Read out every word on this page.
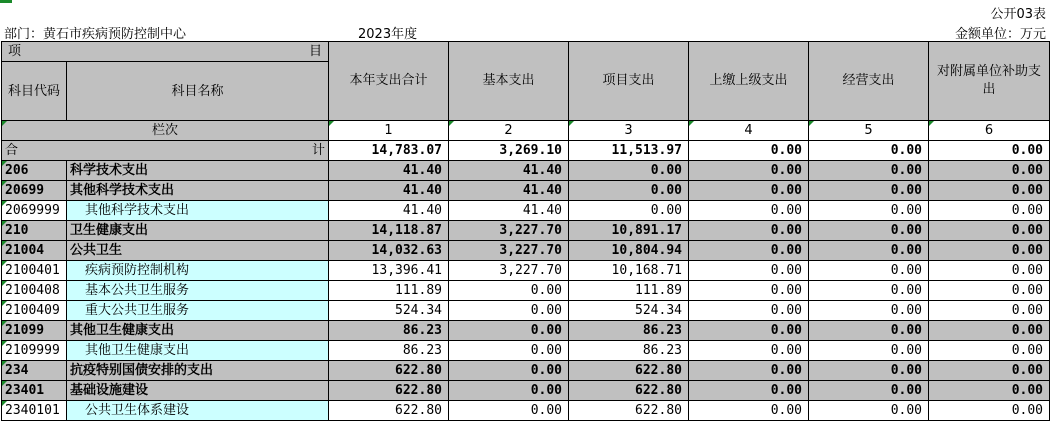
公开03表
部门：黄石市疾病预防控制中心	2023年度	金额单位：万元
项 目		本年支出合计	基本支出	项目支出	上缴上级支出	经营支出	对附属单位补助支出
科目代码	科目名称						
栏次		1	2	3	4	5	6

合 计		14,783.07	3,269.10	11,513.97	0.00	0.00	0.00
206	科学技术支出	41.40	41.40	0.00	0.00	0.00	0.00
20699	其他科学技术支出	41.40	41.40	0.00	0.00	0.00	0.00
2069999	其他科学技术支出	41.40	41.40	0.00	0.00	0.00	0.00
210	卫生健康支出	14,118.87	3,227.70	10,891.17	0.00	0.00	0.00
21004	公共卫生	14,032.63	3,227.70	10,804.94	0.00	0.00	0.00
2100401	疾病预防控制机构	13,396.41	3,227.70	10,168.71	0.00	0.00	0.00
2100408	基本公共卫生服务	111.89	0.00	111.89	0.00	0.00	0.00
2100409	重大公共卫生服务	524.34	0.00	524.34	0.00	0.00	0.00
21099	其他卫生健康支出	86.23	0.00	86.23	0.00	0.00	0.00
2109999	其他卫生健康支出	86.23	0.00	86.23	0.00	0.00	0.00
234	抗疫特别国债安排的支出	622.80	0.00	622.80	0.00	0.00	0.00
23401	基础设施建设	622.80	0.00	622.80	0.00	0.00	0.00
2340101	公共卫生体系建设	622.80	0.00	622.80	0.00	0.00	0.00
